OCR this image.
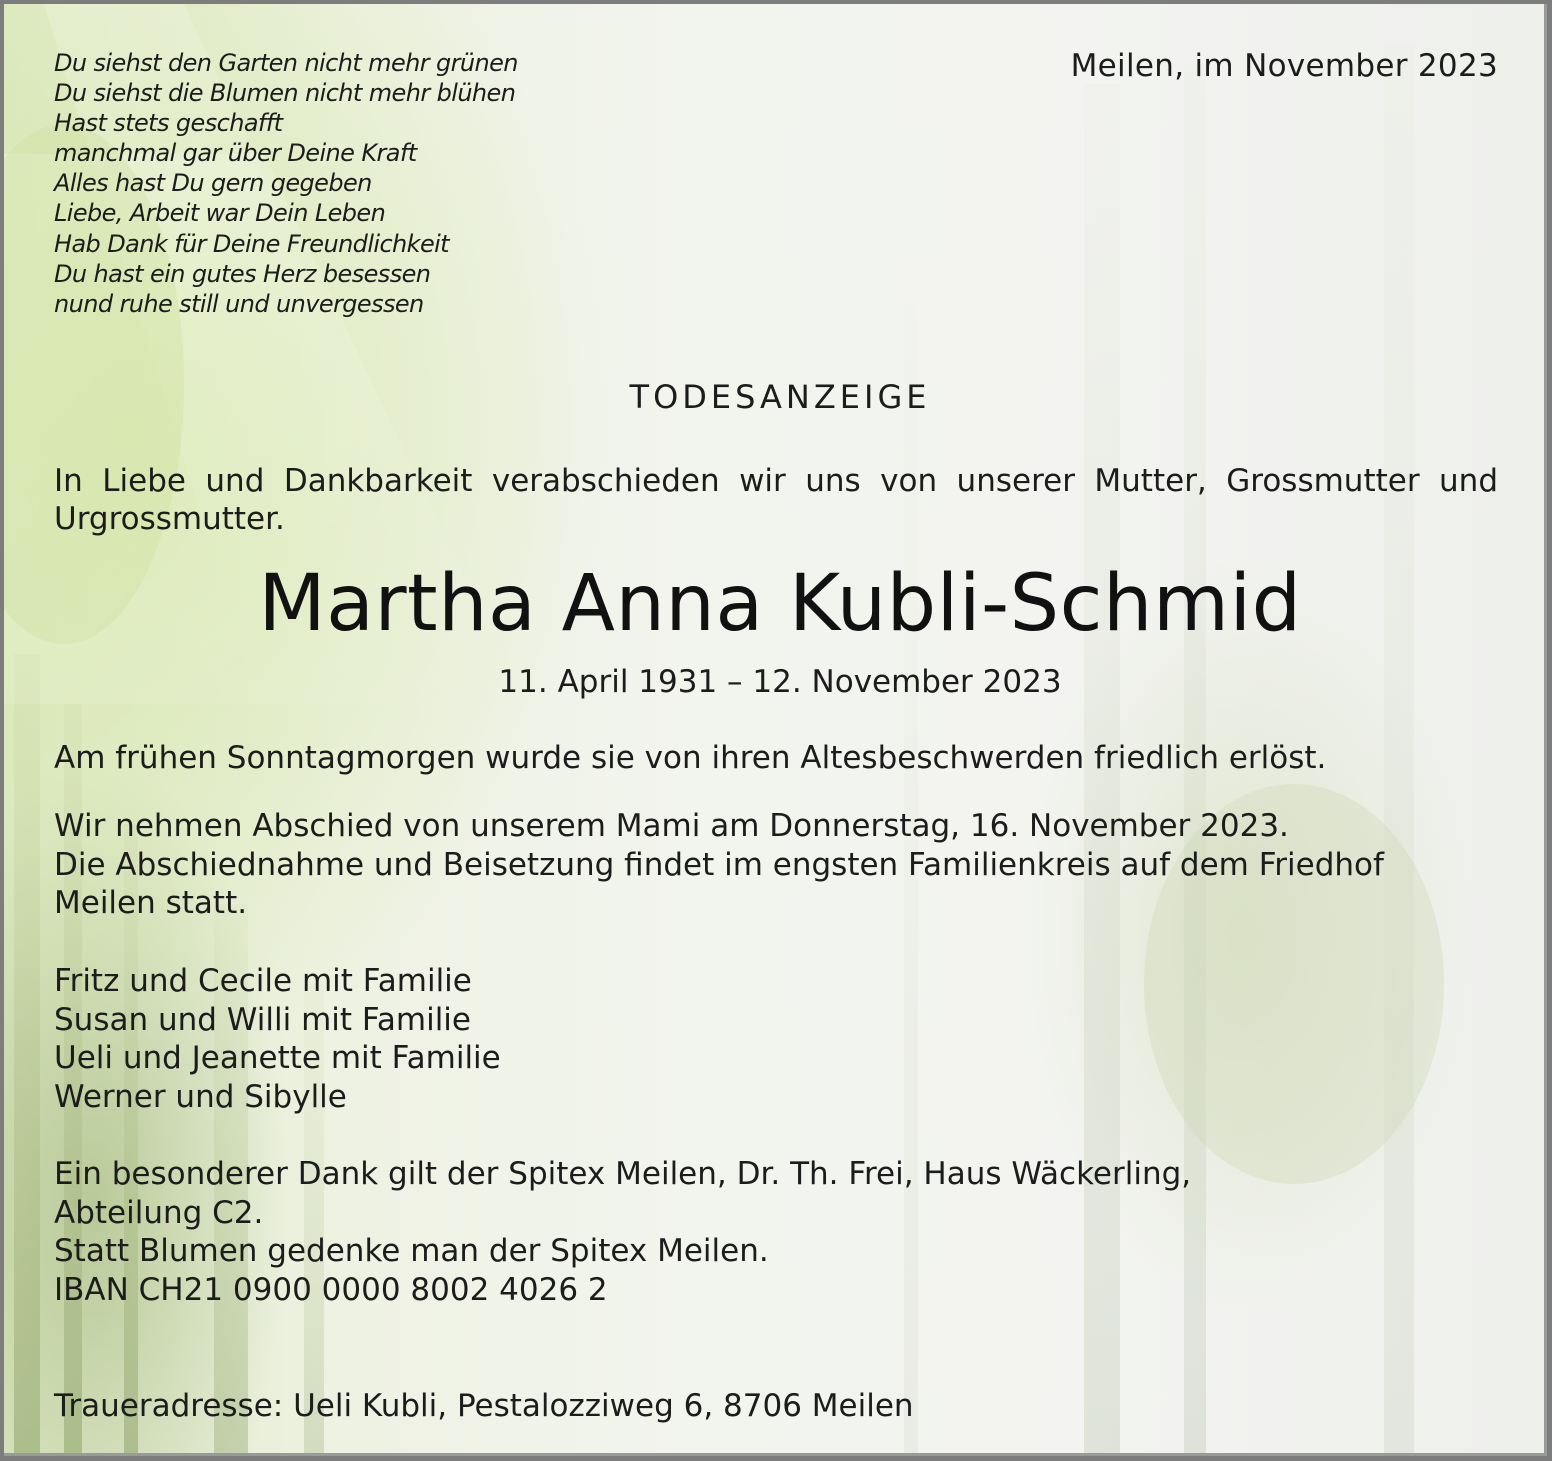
Du siehst den Garten nicht mehr grünen
Du siehst die Blumen nicht mehr blühen
Hast stets geschafft
manchmal gar über Deine Kraft
Alles hast Du gern gegeben
Liebe, Arbeit war Dein Leben
Hab Dank für Deine Freundlichkeit
Du hast ein gutes Herz besessen
nund ruhe still und unvergessen
Meilen, im November 2023
TODESANZEIGE
In Liebe und Dankbarkeit verabschieden wir uns von unserer Mutter, Grossmutter und Urgrossmutter.
Martha Anna Kubli-Schmid
11. April 1931 – 12. November 2023
Am frühen Sonntagmorgen wurde sie von ihren Altesbeschwerden friedlich erlöst.
Wir nehmen Abschied von unserem Mami am Donnerstag, 16. November 2023.
Die Abschiednahme und Beisetzung findet im engsten Familienkreis auf dem Friedhof
Meilen statt.
Fritz und Cecile mit Familie
Susan und Willi mit Familie
Ueli und Jeanette mit Familie
Werner und Sibylle
Ein besonderer Dank gilt der Spitex Meilen, Dr. Th. Frei, Haus Wäckerling,
Abteilung C2.
Statt Blumen gedenke man der Spitex Meilen.
IBAN CH21 0900 0000 8002 4026 2
Traueradresse: Ueli Kubli, Pestalozziweg 6, 8706 Meilen
